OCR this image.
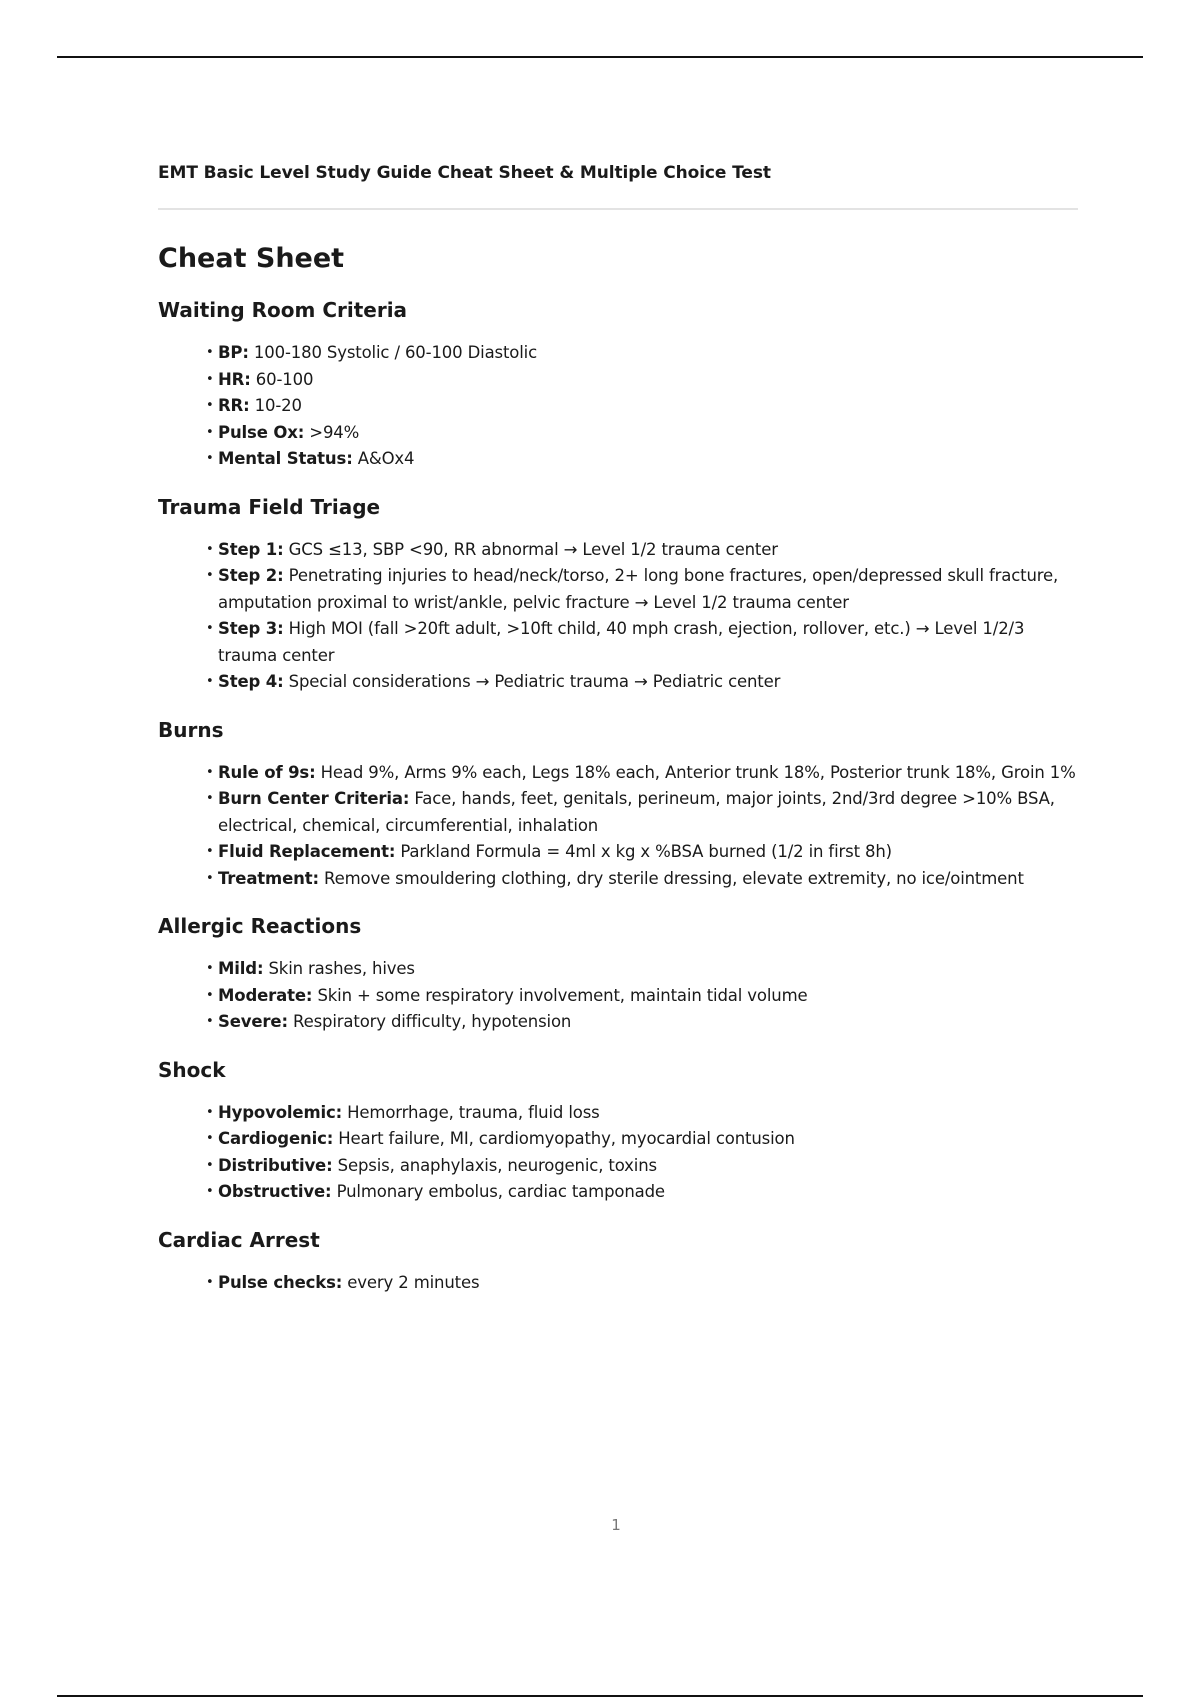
EMT Basic Level Study Guide Cheat Sheet & Multiple Choice Test

Cheat Sheet
Waiting Room Criteria
• BP: 100-180 Systolic / 60-100 Diastolic
• HR: 60-100
• RR: 10-20
• Pulse Ox: >94%
• Mental Status: A&Ox4
Trauma Field Triage
• Step 1: GCS ≤13, SBP <90, RR abnormal → Level 1/2 trauma center
• Step 2: Penetrating injuries to head/neck/torso, 2+ long bone fractures, open/depressed skull fracture, amputation proximal to wrist/ankle, pelvic fracture → Level 1/2 trauma center
• Step 3: High MOI (fall >20ft adult, >10ft child, 40 mph crash, ejection, rollover, etc.) → Level 1/2/3 trauma center
• Step 4: Special considerations → Pediatric trauma → Pediatric center
Burns
• Rule of 9s: Head 9%, Arms 9% each, Legs 18% each, Anterior trunk 18%, Posterior trunk 18%, Groin 1%
• Burn Center Criteria: Face, hands, feet, genitals, perineum, major joints, 2nd/3rd degree >10% BSA, electrical, chemical, circumferential, inhalation
• Fluid Replacement: Parkland Formula = 4ml x kg x %BSA burned (1/2 in first 8h)
• Treatment: Remove smouldering clothing, dry sterile dressing, elevate extremity, no ice/ointment
Allergic Reactions
• Mild: Skin rashes, hives
• Moderate: Skin + some respiratory involvement, maintain tidal volume
• Severe: Respiratory difficulty, hypotension
Shock
• Hypovolemic: Hemorrhage, trauma, fluid loss
• Cardiogenic: Heart failure, MI, cardiomyopathy, myocardial contusion
• Distributive: Sepsis, anaphylaxis, neurogenic, toxins
• Obstructive: Pulmonary embolus, cardiac tamponade
Cardiac Arrest
• Pulse checks: every 2 minutes
1
